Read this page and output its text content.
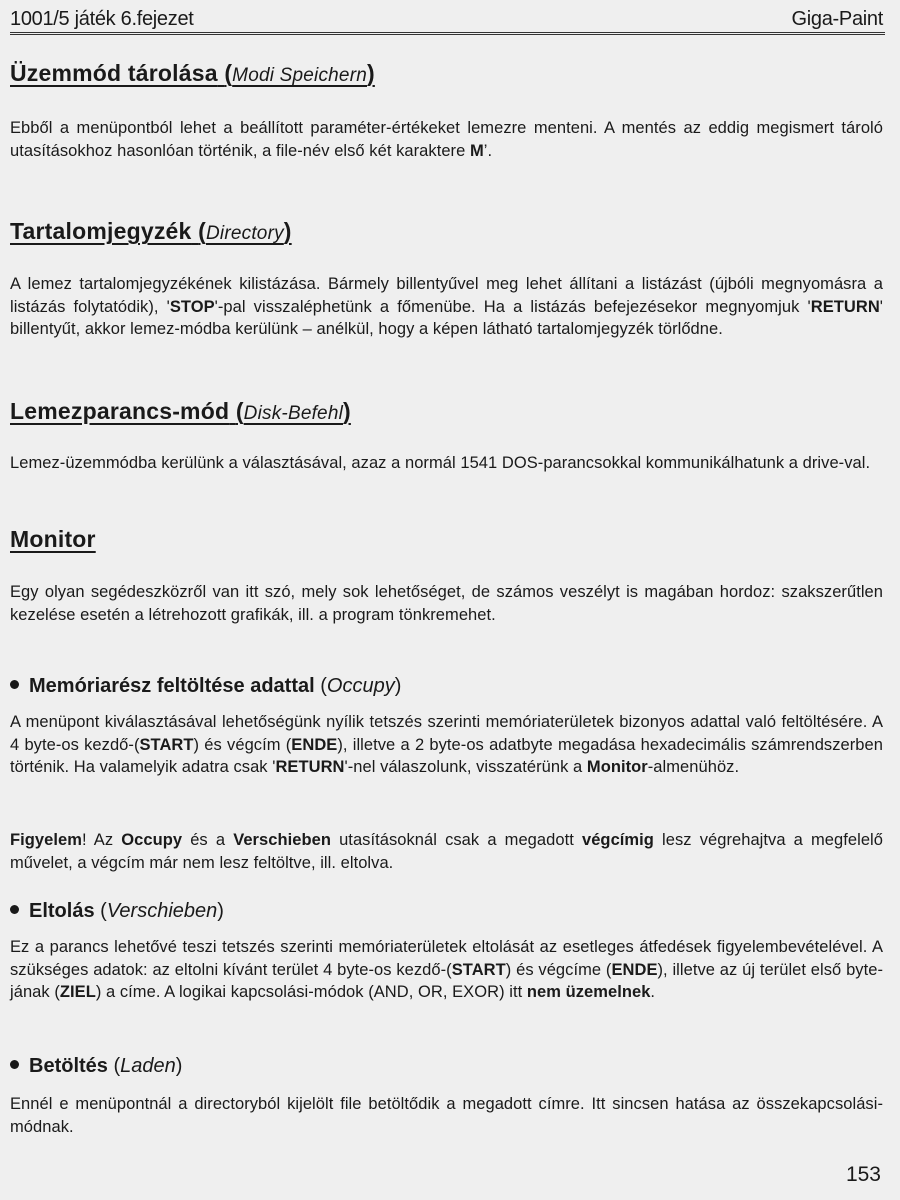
1001/5 játék 6.fejezet	Giga-Paint
Üzemmód tárolása (Modi Speichern)

Ebből a menüpontból lehet a beállított paraméter-értékeket lemezre menteni. A mentés az eddig megismert tároló utasításokhoz hasonlóan történik, a file-név első két karaktere M’.

Tartalomjegyzék (Directory)

A lemez tartalomjegyzékének kilistázása. Bármely billentyűvel meg lehet állítani a listázást (újbóli megnyomásra a listázás folytatódik), 'STOP'-pal visszaléphetünk a főmenübe. Ha a listázás befejezésekor megnyomjuk 'RETURN' billentyűt, akkor lemez-módba kerülünk – anélkül, hogy a képen látható tartalomjegyzék törlődne.

Lemezparancs-mód (Disk-Befehl)

Lemez-üzemmódba kerülünk a választásával, azaz a normál 1541 DOS-parancsokkal kommunikálhatunk a drive-val.

Monitor

Egy olyan segédeszközről van itt szó, mely sok lehetőséget, de számos veszélyt is magában hordoz: szakszerűtlen kezelése esetén a létrehozott grafikák, ill. a program tönkremehet.

Memóriarész feltöltése adattal (Occupy)

A menüpont kiválasztásával lehetőségünk nyílik tetszés szerinti memóriaterületek bizonyos adattal való feltöltésére. A 4 byte-os kezdő-(START) és végcím (ENDE), illetve a 2 byte-os adatbyte megadása hexadecimális számrendszerben történik. Ha valamelyik adatra csak 'RETURN'-nel válaszolunk, visszatérünk a Monitor-almenühöz.

Figyelem! Az Occupy és a Verschieben utasításoknál csak a megadott végcímig lesz végrehajtva a megfelelő művelet, a végcím már nem lesz feltöltve, ill. eltolva.

Eltolás (Verschieben)

Ez a parancs lehetővé teszi tetszés szerinti memóriaterületek eltolását az esetleges átfedések figyelembevételével. A szükséges adatok: az eltolni kívánt terület 4 byte-os kezdő-(START) és végcíme (ENDE), illetve az új terület első byte-jának (ZIEL) a címe. A logikai kapcsolási-módok (AND, OR, EXOR) itt nem üzemelnek.

Betöltés (Laden)

Ennél e menüpontnál a directoryból kijelölt file betöltődik a megadott címre. Itt sincsen hatása az összekapcsolási-módnak.

153
